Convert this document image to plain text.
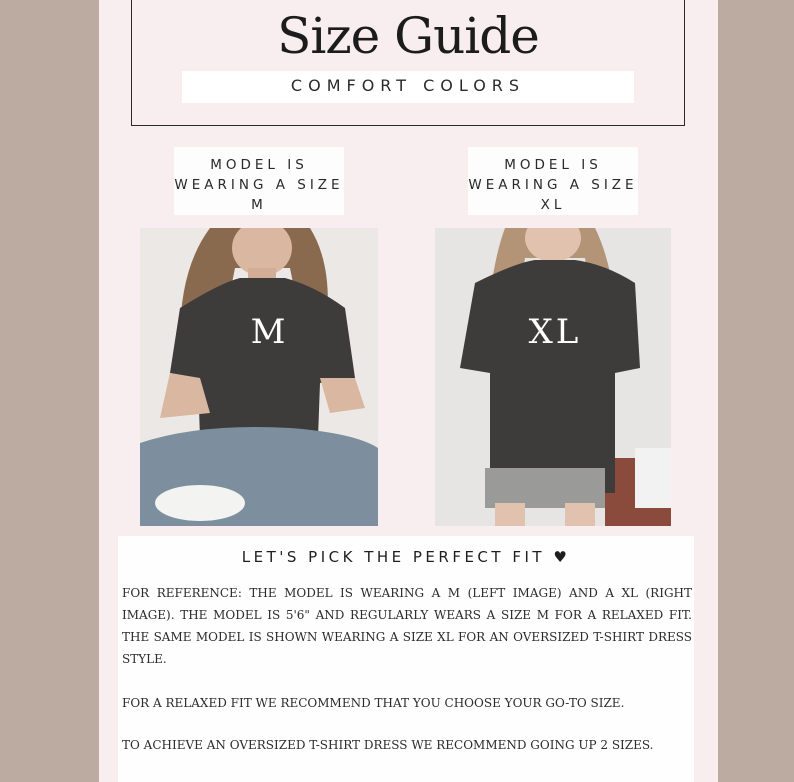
Size Guide
COMFORT COLORS
MODEL IS WEARING A SIZE M
MODEL IS WEARING A SIZE XL
M	XL
LET'S PICK THE PERFECT FIT ♥
FOR REFERENCE: THE MODEL IS WEARING A M (LEFT IMAGE) AND A XL (RIGHT IMAGE). THE MODEL IS 5'6" AND REGULARLY WEARS A SIZE M FOR A RELAXED FIT. THE SAME MODEL IS SHOWN WEARING A SIZE XL FOR AN OVERSIZED T-SHIRT DRESS STYLE.
FOR A RELAXED FIT WE RECOMMEND THAT YOU CHOOSE YOUR GO-TO SIZE.
TO ACHIEVE AN OVERSIZED T-SHIRT DRESS WE RECOMMEND GOING UP 2 SIZES.
